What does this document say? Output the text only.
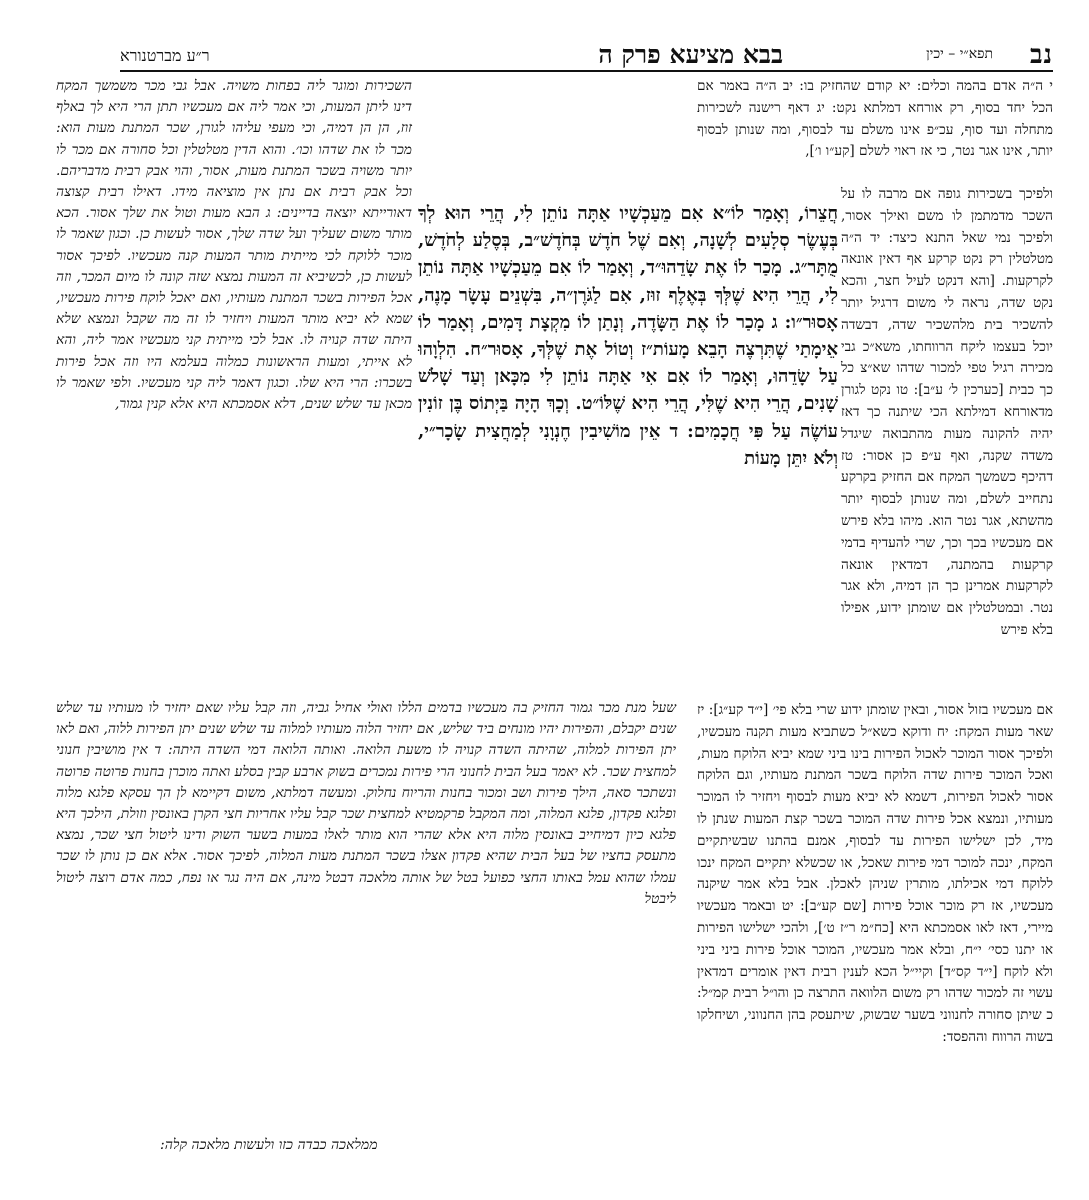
נב
תפא״י – יכין
בבא מציעא פרק ה
ר״ע מברטנורא

י ה״ה אדם בהמה וכלים: יא קודם שהחזיק בו: יב ה״ה באמר אם הכל יחד בסוף, רק אורחא דמלתא נקט: יג דאף רישנה לשכירות מתחלה ועד סוף, עכ״פ אינו משלם עד לבסוף, ומה שנותן לבסוף יותר, אינו אגר נטר, כי אז ראוי לשלם [קע״ו ו׳],

ולפיכך בשכירות גופה אם מרבה לו על השכר מדמתמן לו משם ואילך אסור, ולפיכך נמי שאל התנא כיצד: יד ה״ה מטלטלין רק נקט קרקע אף דאין אונאה לקרקעות. [והא דנקט לעיל חצר, והכא נקט שדה, נראה לי משום דרגיל יותר להשכיר בית מלהשכיר שדה, דבשדה יוכל בעצמו ליקח הרווחתו, משא״כ גבי מכירה רגיל טפי למכור שדהו שא״צ כל כך כבית [כערכין ל׳ ע״ב]: טו נקט לגורן מדאורחא דמילתא הכי שיתנה כך דאז יהיה להקונה מעות מהתבואה שיגדל משדה שקנה, ואף ע״פ כן אסור: טז דהיכף כשמשך המקח אם החזיק בקרקע נתחייב לשלם, ומה שנותן לבסוף יותר מהשתא, אגר נטר הוא. מיהו בלא פירש אם מעכשיו בכך וכך, שרי להעדיף בדמי קרקעות בהמתנה, דמדאין אונאה לקרקעות אמרינן כך הן דמיה, ולא אגר נטר. ובמטלטלין אם שומתן ידוע, אפילו בלא פירש

אם מעכשיו בזול אסור, ובאין שומתן ידוע שרי בלא פי׳ [י״ד קע״ג]: יז שאר מעות המקח: יח ודוקא כשא״ל כשתביא מעות תקנה מעכשיו, ולפיכך אסור המוכר לאכול הפירות בינו ביני שמא יביא הלוקח מעות, ואכל המוכר פירות שדה הלוקח בשכר המתנת מעותיו, וגם הלוקח אסור לאכול הפירות, דשמא לא יביא מעות לבסוף ויחזיר לו המוכר מעותיו, ונמצא אכל פירות שדה המוכר בשכר קצת המעות שנתן לו מיד, לכן ישלישו הפירות עד לבסוף, אמנם בהתנו שבשיתקיים המקח, ינכה למוכר דמי פירות שאכל, או שכשלא יתקיים המקח ינכו ללוקח דמי אכילתו, מותרין שניהן לאכלן. אבל בלא אמר שיקנה מעכשיו, אז רק מוכר אוכל פירות [שם קע״ב]: יט ובאמר מעכשיו מיירי, דאז לאו אסמכתא היא [כח״מ ר״ז ט׳], ולהכי ישלישו הפירות או יתנו כסי׳ י״ח, ובלא אמר מעכשיו, המוכר אוכל פירות ביני ביני ולא לוקח [י״ד קס״ד] וקיי״ל הכא לענין רבית דאין אומרים דמדאין עשוי זה למכור שדהו רק משום הלוואה התרצה כן והו״ל רבית קמ״ל: כ שיתן סחורה לחנווני בשער שבשוק, שיתעסק בהן החנווני, ושיחלקו בשוה הרווח וההפסד:

השכירות ומוגר ליה בפחות משויה. אבל גבי מכר משמשך המקח דינו ליתן המעות, וכי אמר ליה אם מעכשיו תתן הרי היא לך באלף זוז, הן הן דמיה, וכי מעפי עליהו לגורן, שכר המתנת מעות הוא: מכר לו את שדהו וכו׳. והוא הדין מטלטלין וכל סחורה אם מכר לו יותר משויה בשכר המתנת מעות, אסור, והוי אבק רבית מדבריהם. וכל אבק רבית אם נתן אין מוציאה מידו. דאילו רבית קצוצה דאורייתא יוצאה בדיינים: ג הבא מעות וטול את שלך אסור. הכא מותר משום שעליך ועל שדה שלך, אסור לעשות כן. וכגון שאמר לו מוכר ללוקח לכי מייתית מותר המעות קנה מעכשיו. לפיכך אסור לעשות כן, לכשיביא זה המעות נמצא שזה קונה לו מיום המכר, וזה אכל הפירות בשכר המתנת מעותיו, ואם יאכל לוקח פירות מעכשיו, שמא לא יביא מותר המעות ויחזיר לו זה מה שקבל ונמצא שלא היתה שדה קנויה לו. אבל לכי מייתית קני מעכשיו אמר ליה, והא לא אייתי, ומעות הראשונות כמלוה בעלמא היו וזה אכל פירות בשכרו: הרי היא שלו. וכגון דאמר ליה קני מעכשיו. ולפי שאמר לו מכאן עד שלש שנים, דלא אסמכתא היא אלא קנין גמור,

חֲצֵרוֹ, וְאָמַר לוֹ״א אִם מֵעַכְשָׁיו אַתָּה נוֹתֵן לִי, הֲרֵי הוּא לְךָ בְּעֶשֶׂר סְלָעִים לְשָׁנָה, וְאִם שֶׁל חֹדֶשׁ בְּחֹדֶשׁ״ב, בְּסֶלַע לְחֹדֶשׁ, מֻתָּר״ג. מָכַר לוֹ אֶת שָׂדֵהוּ״ד, וְאָמַר לוֹ אִם מֵעַכְשָׁיו אַתָּה נוֹתֵן לִי, הֲרֵי הִיא שֶׁלְּךָ בְּאֶלֶף זוּז, אִם לַגֹּרֶן״ה, בִּשְׁנֵים עָשָׂר מָנֶה, אָסוּר״ו: ג מָכַר לוֹ אֶת הַשָּׂדֶה, וְנָתַן לוֹ מִקְצָת דָּמִים, וְאָמַר לוֹ אֵימָתַי שֶׁתִּרְצֶה הָבֵא מָעוֹת״ז וְטוֹל אֶת שֶׁלְּךָ, אָסוּר״ח. הִלְוָהוּ עַל שָׂדֵהוּ, וְאָמַר לוֹ אִם אִי אַתָּה נוֹתֵן לִי מִכָּאן וְעַד שָׁלֹשׁ שָׁנִים, הֲרֵי הִיא שֶׁלִּי, הֲרֵי הִיא שֶׁלּוֹ״ט. וְכָךְ הָיָה בַּיְתוֹס בֶּן זוֹנִין עוֹשֶׂה עַל פִּי חֲכָמִים: ד אֵין מוֹשִׁיבִין חֶנְוָנִי לְמַחֲצִית שָׂכָר״י, וְלֹא יִתֵּן מָעוֹת

שעל מנת מכר גמור החזיק בה מעכשיו בדמים הללו ואולי אחיל גביה, וזה קבל עליו שאם יחזיר לו מעותיו עד שלש שנים יקבלם, והפירות יהיו מונחים ביד שליש, אם יחזיר הלוה מעותיו למלוה עד שלש שנים יתן הפירות ללוה, ואם לאו יתן הפירות למלוה, שהיתה השדה קנויה לו משעת הלואה. ואותה הלואה דמי השדה היתה: ד אין מושיבין חנוני למחצית שכר. לא יאמר בעל הבית לחנוני הרי פירות נמכרים בשוק ארבע קבין בסלע ואתה מוכרן בחנות פרוטה פרוטה ונשתכר סאה, הילך פירות ושב ומכור בחנות והריוח נחלוק. ומעשה דמלתא, משום דקיימא לן הך עסקא פלגא מלוה ופלגא פקדון, פלגא המלוה, ומה המקבל פרקמטיא למחצית שכר קבל עליו אחריות חצי הקרן באונסין וזולת, הילכך היא פלגא כיון דמיחייב באונסין מלוה היא אלא שהרי הוא מותר לאלו במעות בשער השוק ודינו ליטול חצי שכר, נמצא מתעסק בחציו של בעל הבית שהיא פקדון אצלו בשכר המתנת מעות המלוה, לפיכך אסור. אלא אם כן נותן לו שכר עמלו שהוא עמל באותו החצי כפועל בטל של אותה מלאכה דבטל מינה, אם היה נגר או נפח, כמה אדם רוצה ליטול ליבטל

ממלאכה כבדה כזו ולעשות מלאכה קלה:
